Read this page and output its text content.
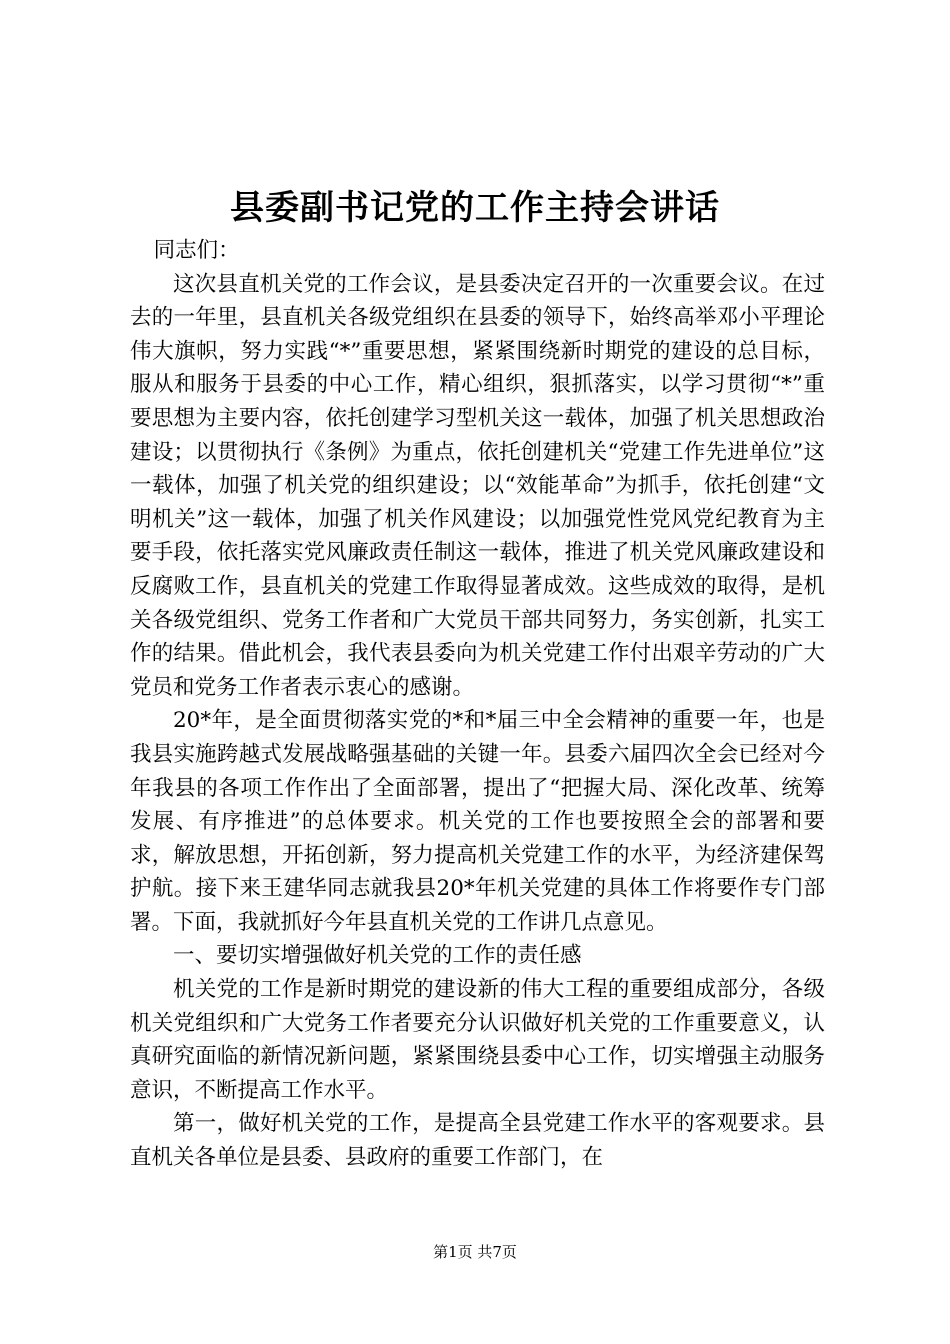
县委副书记党的工作主持会讲话

同志们：

这次县直机关党的工作会议，是县委决定召开的一次重要会议。在过去的一年里，县直机关各级党组织在县委的领导下，始终高举邓小平理论伟大旗帜，努力实践“*”重要思想，紧紧围绕新时期党的建设的总目标，服从和服务于县委的中心工作，精心组织，狠抓落实，以学习贯彻“*”重要思想为主要内容，依托创建学习型机关这一载体，加强了机关思想政治建设；以贯彻执行《条例》为重点，依托创建机关“党建工作先进单位”这一载体，加强了机关党的组织建设；以“效能革命”为抓手，依托创建“文明机关”这一载体，加强了机关作风建设；以加强党性党风党纪教育为主要手段，依托落实党风廉政责任制这一载体，推进了机关党风廉政建设和反腐败工作，县直机关的党建工作取得显著成效。这些成效的取得，是机关各级党组织、党务工作者和广大党员干部共同努力，务实创新，扎实工作的结果。借此机会，我代表县委向为机关党建工作付出艰辛劳动的广大党员和党务工作者表示衷心的感谢。

20*年，是全面贯彻落实党的*和*届三中全会精神的重要一年，也是我县实施跨越式发展战略强基础的关键一年。县委六届四次全会已经对今年我县的各项工作作出了全面部署，提出了“把握大局、深化改革、统筹发展、有序推进”的总体要求。机关党的工作也要按照全会的部署和要求，解放思想，开拓创新，努力提高机关党建工作的水平，为经济建保驾护航。接下来王建华同志就我县20*年机关党建的具体工作将要作专门部署。下面，我就抓好今年县直机关党的工作讲几点意见。

一、要切实增强做好机关党的工作的责任感

机关党的工作是新时期党的建设新的伟大工程的重要组成部分，各级机关党组织和广大党务工作者要充分认识做好机关党的工作重要意义，认真研究面临的新情况新问题，紧紧围绕县委中心工作，切实增强主动服务意识，不断提高工作水平。

第一，做好机关党的工作，是提高全县党建工作水平的客观要求。县直机关各单位是县委、县政府的重要工作部门，在

第1页 共7页
